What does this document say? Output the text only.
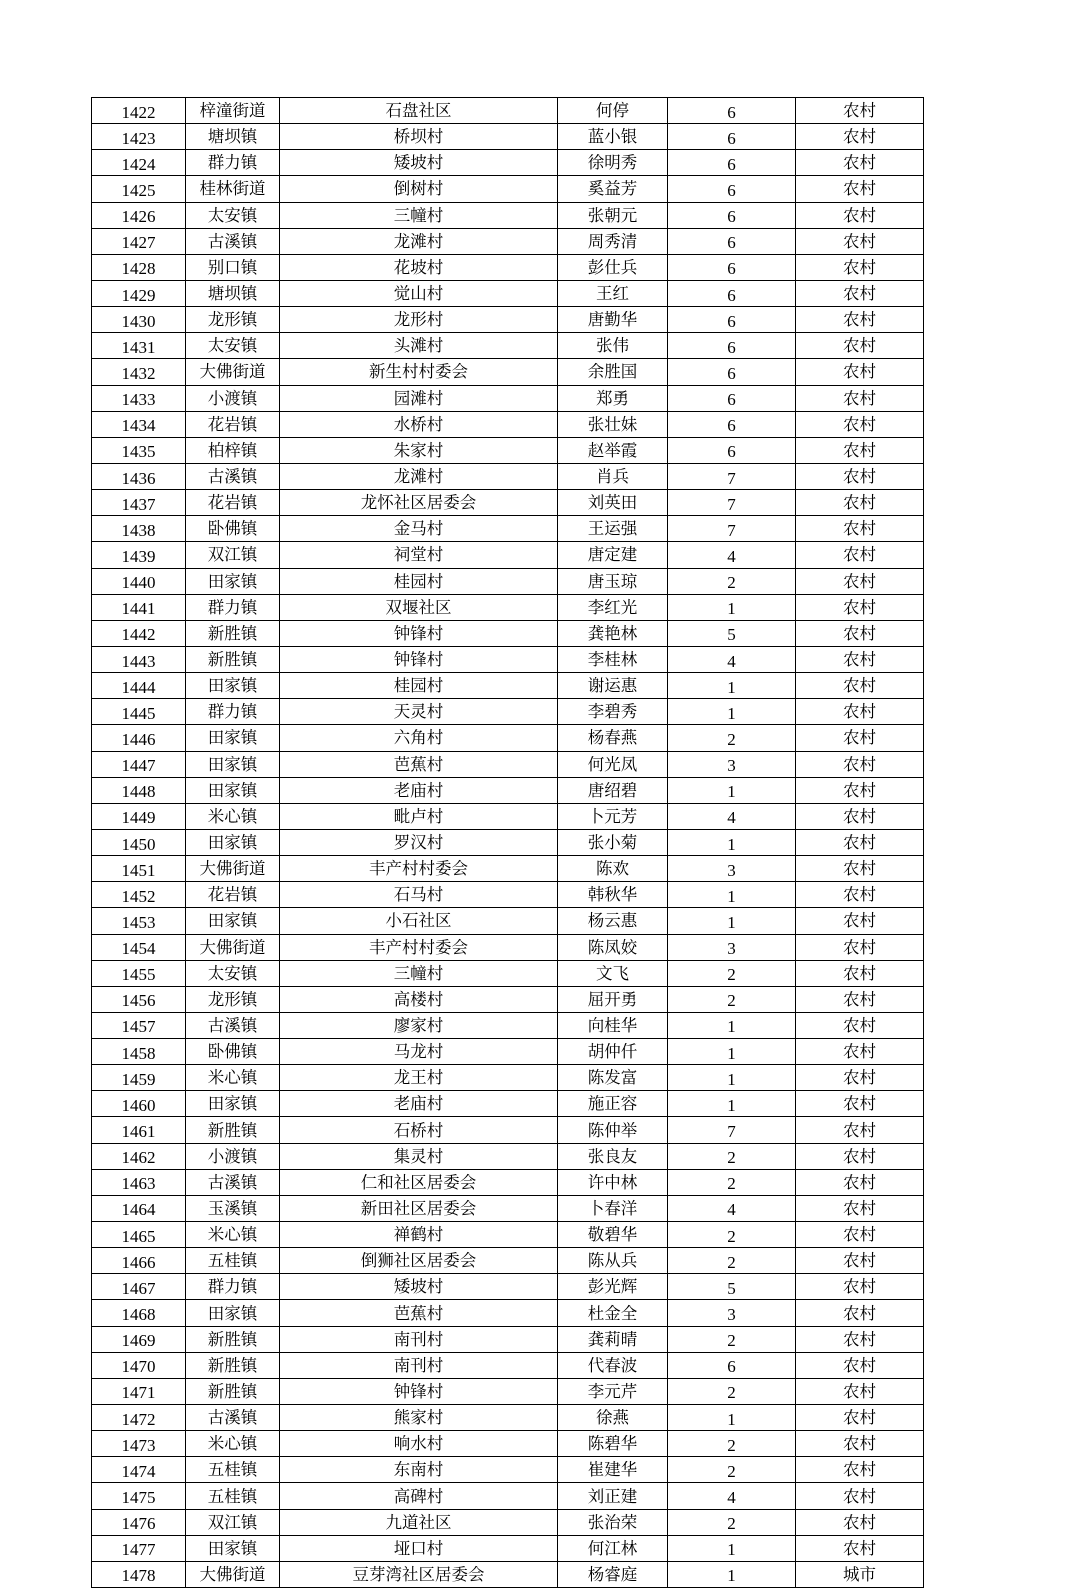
1422	梓潼街道	石盘社区	何停	6	农村
1423	塘坝镇	桥坝村	蓝小银	6	农村
1424	群力镇	矮坡村	徐明秀	6	农村
1425	桂林街道	倒树村	奚益芳	6	农村
1426	太安镇	三幢村	张朝元	6	农村
1427	古溪镇	龙滩村	周秀清	6	农村
1428	别口镇	花坡村	彭仕兵	6	农村
1429	塘坝镇	觉山村	王红	6	农村
1430	龙形镇	龙形村	唐勤华	6	农村
1431	太安镇	头滩村	张伟	6	农村
1432	大佛街道	新生村村委会	余胜国	6	农村
1433	小渡镇	园滩村	郑勇	6	农村
1434	花岩镇	水桥村	张壮妹	6	农村
1435	柏梓镇	朱家村	赵举霞	6	农村
1436	古溪镇	龙滩村	肖兵	7	农村
1437	花岩镇	龙怀社区居委会	刘英田	7	农村
1438	卧佛镇	金马村	王运强	7	农村
1439	双江镇	祠堂村	唐定建	4	农村
1440	田家镇	桂园村	唐玉琼	2	农村
1441	群力镇	双堰社区	李红光	1	农村
1442	新胜镇	钟锋村	龚艳林	5	农村
1443	新胜镇	钟锋村	李桂林	4	农村
1444	田家镇	桂园村	谢运惠	1	农村
1445	群力镇	天灵村	李碧秀	1	农村
1446	田家镇	六角村	杨春燕	2	农村
1447	田家镇	芭蕉村	何光凤	3	农村
1448	田家镇	老庙村	唐绍碧	1	农村
1449	米心镇	毗卢村	卜元芳	4	农村
1450	田家镇	罗汉村	张小菊	1	农村
1451	大佛街道	丰产村村委会	陈欢	3	农村
1452	花岩镇	石马村	韩秋华	1	农村
1453	田家镇	小石社区	杨云惠	1	农村
1454	大佛街道	丰产村村委会	陈凤姣	3	农村
1455	太安镇	三幢村	文飞	2	农村
1456	龙形镇	高楼村	屈开勇	2	农村
1457	古溪镇	廖家村	向桂华	1	农村
1458	卧佛镇	马龙村	胡仲仟	1	农村
1459	米心镇	龙王村	陈发富	1	农村
1460	田家镇	老庙村	施正容	1	农村
1461	新胜镇	石桥村	陈仲举	7	农村
1462	小渡镇	集灵村	张良友	2	农村
1463	古溪镇	仁和社区居委会	许中林	2	农村
1464	玉溪镇	新田社区居委会	卜春洋	4	农村
1465	米心镇	禅鹤村	敬碧华	2	农村
1466	五桂镇	倒狮社区居委会	陈从兵	2	农村
1467	群力镇	矮坡村	彭光辉	5	农村
1468	田家镇	芭蕉村	杜金全	3	农村
1469	新胜镇	南刊村	龚莉晴	2	农村
1470	新胜镇	南刊村	代春波	6	农村
1471	新胜镇	钟锋村	李元芹	2	农村
1472	古溪镇	熊家村	徐燕	1	农村
1473	米心镇	响水村	陈碧华	2	农村
1474	五桂镇	东南村	崔建华	2	农村
1475	五桂镇	高碑村	刘正建	4	农村
1476	双江镇	九道社区	张治荣	2	农村
1477	田家镇	垭口村	何江林	1	农村
1478	大佛街道	豆芽湾社区居委会	杨睿庭	1	城市
